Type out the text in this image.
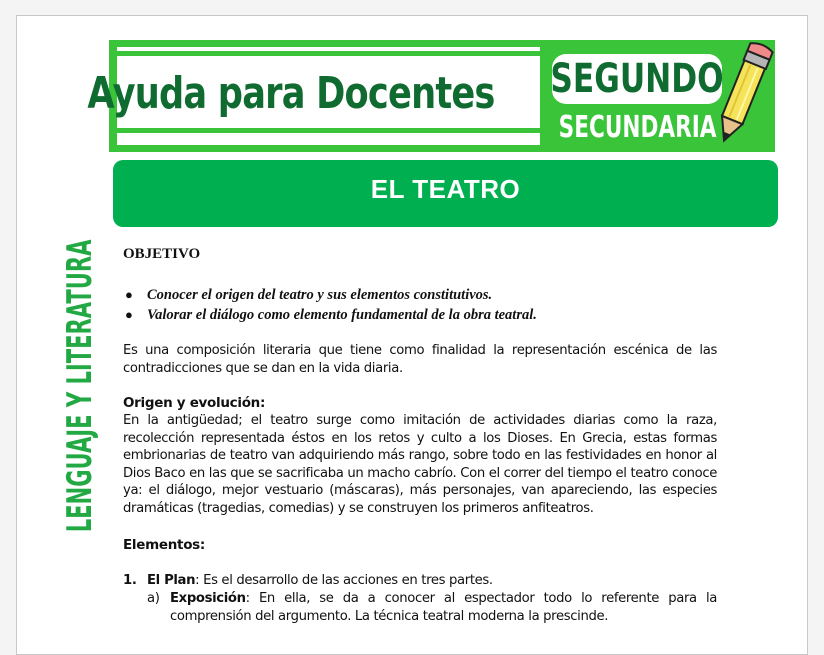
Ayuda para Docentes SEGUNDO
SECUNDARIA
EL TEATRO
LENGUAJE Y LITERATURA OBJETIVO
● Conocer el origen del teatro y sus elementos constitutivos.
● Valorar el diálogo como elemento fundamental de la obra teatral.
Es una composición literaria que tiene como finalidad la representación escénica de las contradicciones que se dan en la vida diaria.
Origen y evolución:
En la antigüedad; el teatro surge como imitación de actividades diarias como la raza, recolección representada éstos en los retos y culto a los Dioses. En Grecia, estas formas embrionarias de teatro van adquiriendo más rango, sobre todo en las festividades en honor al Dios Baco en las que se sacrificaba un macho cabrío. Con el correr del tiempo el teatro conoce ya: el diálogo, mejor vestuario (máscaras), más personajes, van apareciendo, las especies dramáticas (tragedias, comedias) y se construyen los primeros anfiteatros.
Elementos:
1. El Plan: Es el desarrollo de las acciones en tres partes.
a) Exposición: En ella, se da a conocer al espectador todo lo referente para la comprensión del argumento. La técnica teatral moderna la prescinde.
